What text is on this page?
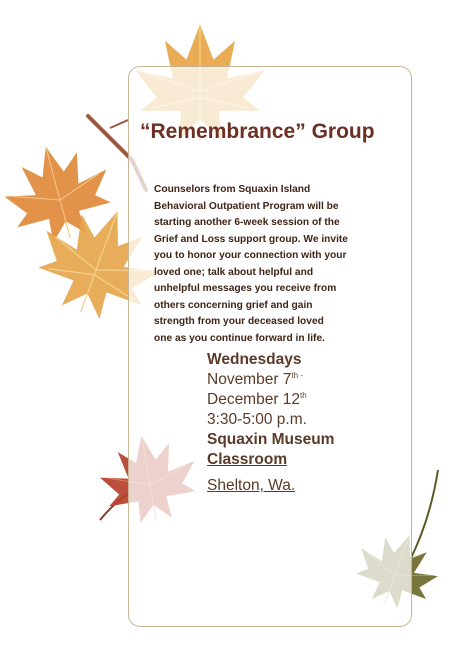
“Remembrance” Group
Counselors from Squaxin Island
Behavioral Outpatient Program will be
starting another 6-week session of the
Grief and Loss support group. We invite
you to honor your connection with your
loved one; talk about helpful and
unhelpful messages you receive from
others concerning grief and gain
strength from your deceased loved
one as you continue forward in life.
Wednesdays
November 7th -
December 12th
3:30-5:00 p.m.
Squaxin Museum
Classroom
Shelton, Wa.
